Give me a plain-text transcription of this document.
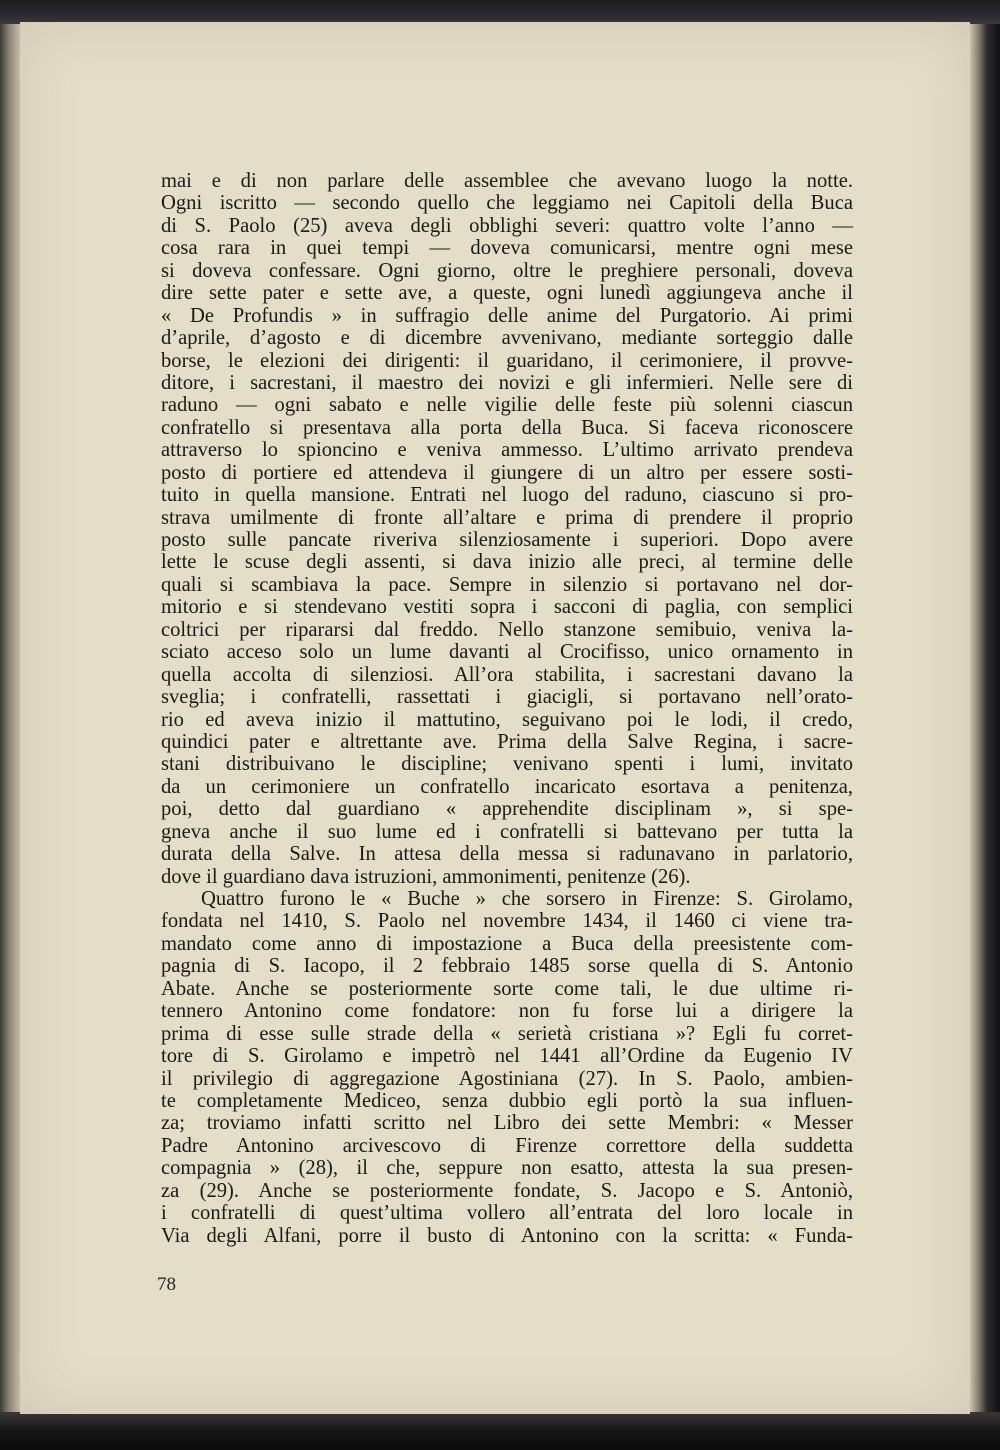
mai e di non parlare delle assemblee che avevano luogo la notte.
Ogni iscritto — secondo quello che leggiamo nei Capitoli della Buca
di S. Paolo (25) aveva degli obblighi severi: quattro volte l’anno —
cosa rara in quei tempi — doveva comunicarsi, mentre ogni mese
si doveva confessare. Ogni giorno, oltre le preghiere personali, doveva
dire sette pater e sette ave, a queste, ogni lunedì aggiungeva anche il
« De Profundis » in suffragio delle anime del Purgatorio. Ai primi
d’aprile, d’agosto e di dicembre avvenivano, mediante sorteggio dalle
borse, le elezioni dei dirigenti: il guaridano, il cerimoniere, il provve-
ditore, i sacrestani, il maestro dei novizi e gli infermieri. Nelle sere di
raduno — ogni sabato e nelle vigilie delle feste più solenni ciascun
confratello si presentava alla porta della Buca. Si faceva riconoscere
attraverso lo spioncino e veniva ammesso. L’ultimo arrivato prendeva
posto di portiere ed attendeva il giungere di un altro per essere sosti-
tuito in quella mansione. Entrati nel luogo del raduno, ciascuno si pro-
strava umilmente di fronte all’altare e prima di prendere il proprio
posto sulle pancate riveriva silenziosamente i superiori. Dopo avere
lette le scuse degli assenti, si dava inizio alle preci, al termine delle
quali si scambiava la pace. Sempre in silenzio si portavano nel dor-
mitorio e si stendevano vestiti sopra i sacconi di paglia, con semplici
coltrici per ripararsi dal freddo. Nello stanzone semibuio, veniva la-
sciato acceso solo un lume davanti al Crocifisso, unico ornamento in
quella accolta di silenziosi. All’ora stabilita, i sacrestani davano la
sveglia; i confratelli, rassettati i giacigli, si portavano nell’orato-
rio ed aveva inizio il mattutino, seguivano poi le lodi, il credo,
quindici pater e altrettante ave. Prima della Salve Regina, i sacre-
stani distribuivano le discipline; venivano spenti i lumi, invitato
da un cerimoniere un confratello incaricato esortava a penitenza,
poi, detto dal guardiano « apprehendite disciplinam », si spe-
gneva anche il suo lume ed i confratelli si battevano per tutta la
durata della Salve. In attesa della messa si radunavano in parlatorio,
dove il guardiano dava istruzioni, ammonimenti, penitenze (26).
Quattro furono le « Buche » che sorsero in Firenze: S. Girolamo,
fondata nel 1410, S. Paolo nel novembre 1434, il 1460 ci viene tra-
mandato come anno di impostazione a Buca della preesistente com-
pagnia di S. Iacopo, il 2 febbraio 1485 sorse quella di S. Antonio
Abate. Anche se posteriormente sorte come tali, le due ultime ri-
tennero Antonino come fondatore: non fu forse lui a dirigere la
prima di esse sulle strade della « serietà cristiana »? Egli fu corret-
tore di S. Girolamo e impetrò nel 1441 all’Ordine da Eugenio IV
il privilegio di aggregazione Agostiniana (27). In S. Paolo, ambien-
te completamente Mediceo, senza dubbio egli portò la sua influen-
za; troviamo infatti scritto nel Libro dei sette Membri: « Messer
Padre Antonino arcivescovo di Firenze correttore della suddetta
compagnia » (28), il che, seppure non esatto, attesta la sua presen-
za (29). Anche se posteriormente fondate, S. Jacopo e S. Antoniò,
i confratelli di quest’ultima vollero all’entrata del loro locale in
Via degli Alfani, porre il busto di Antonino con la scritta: « Funda-
78
